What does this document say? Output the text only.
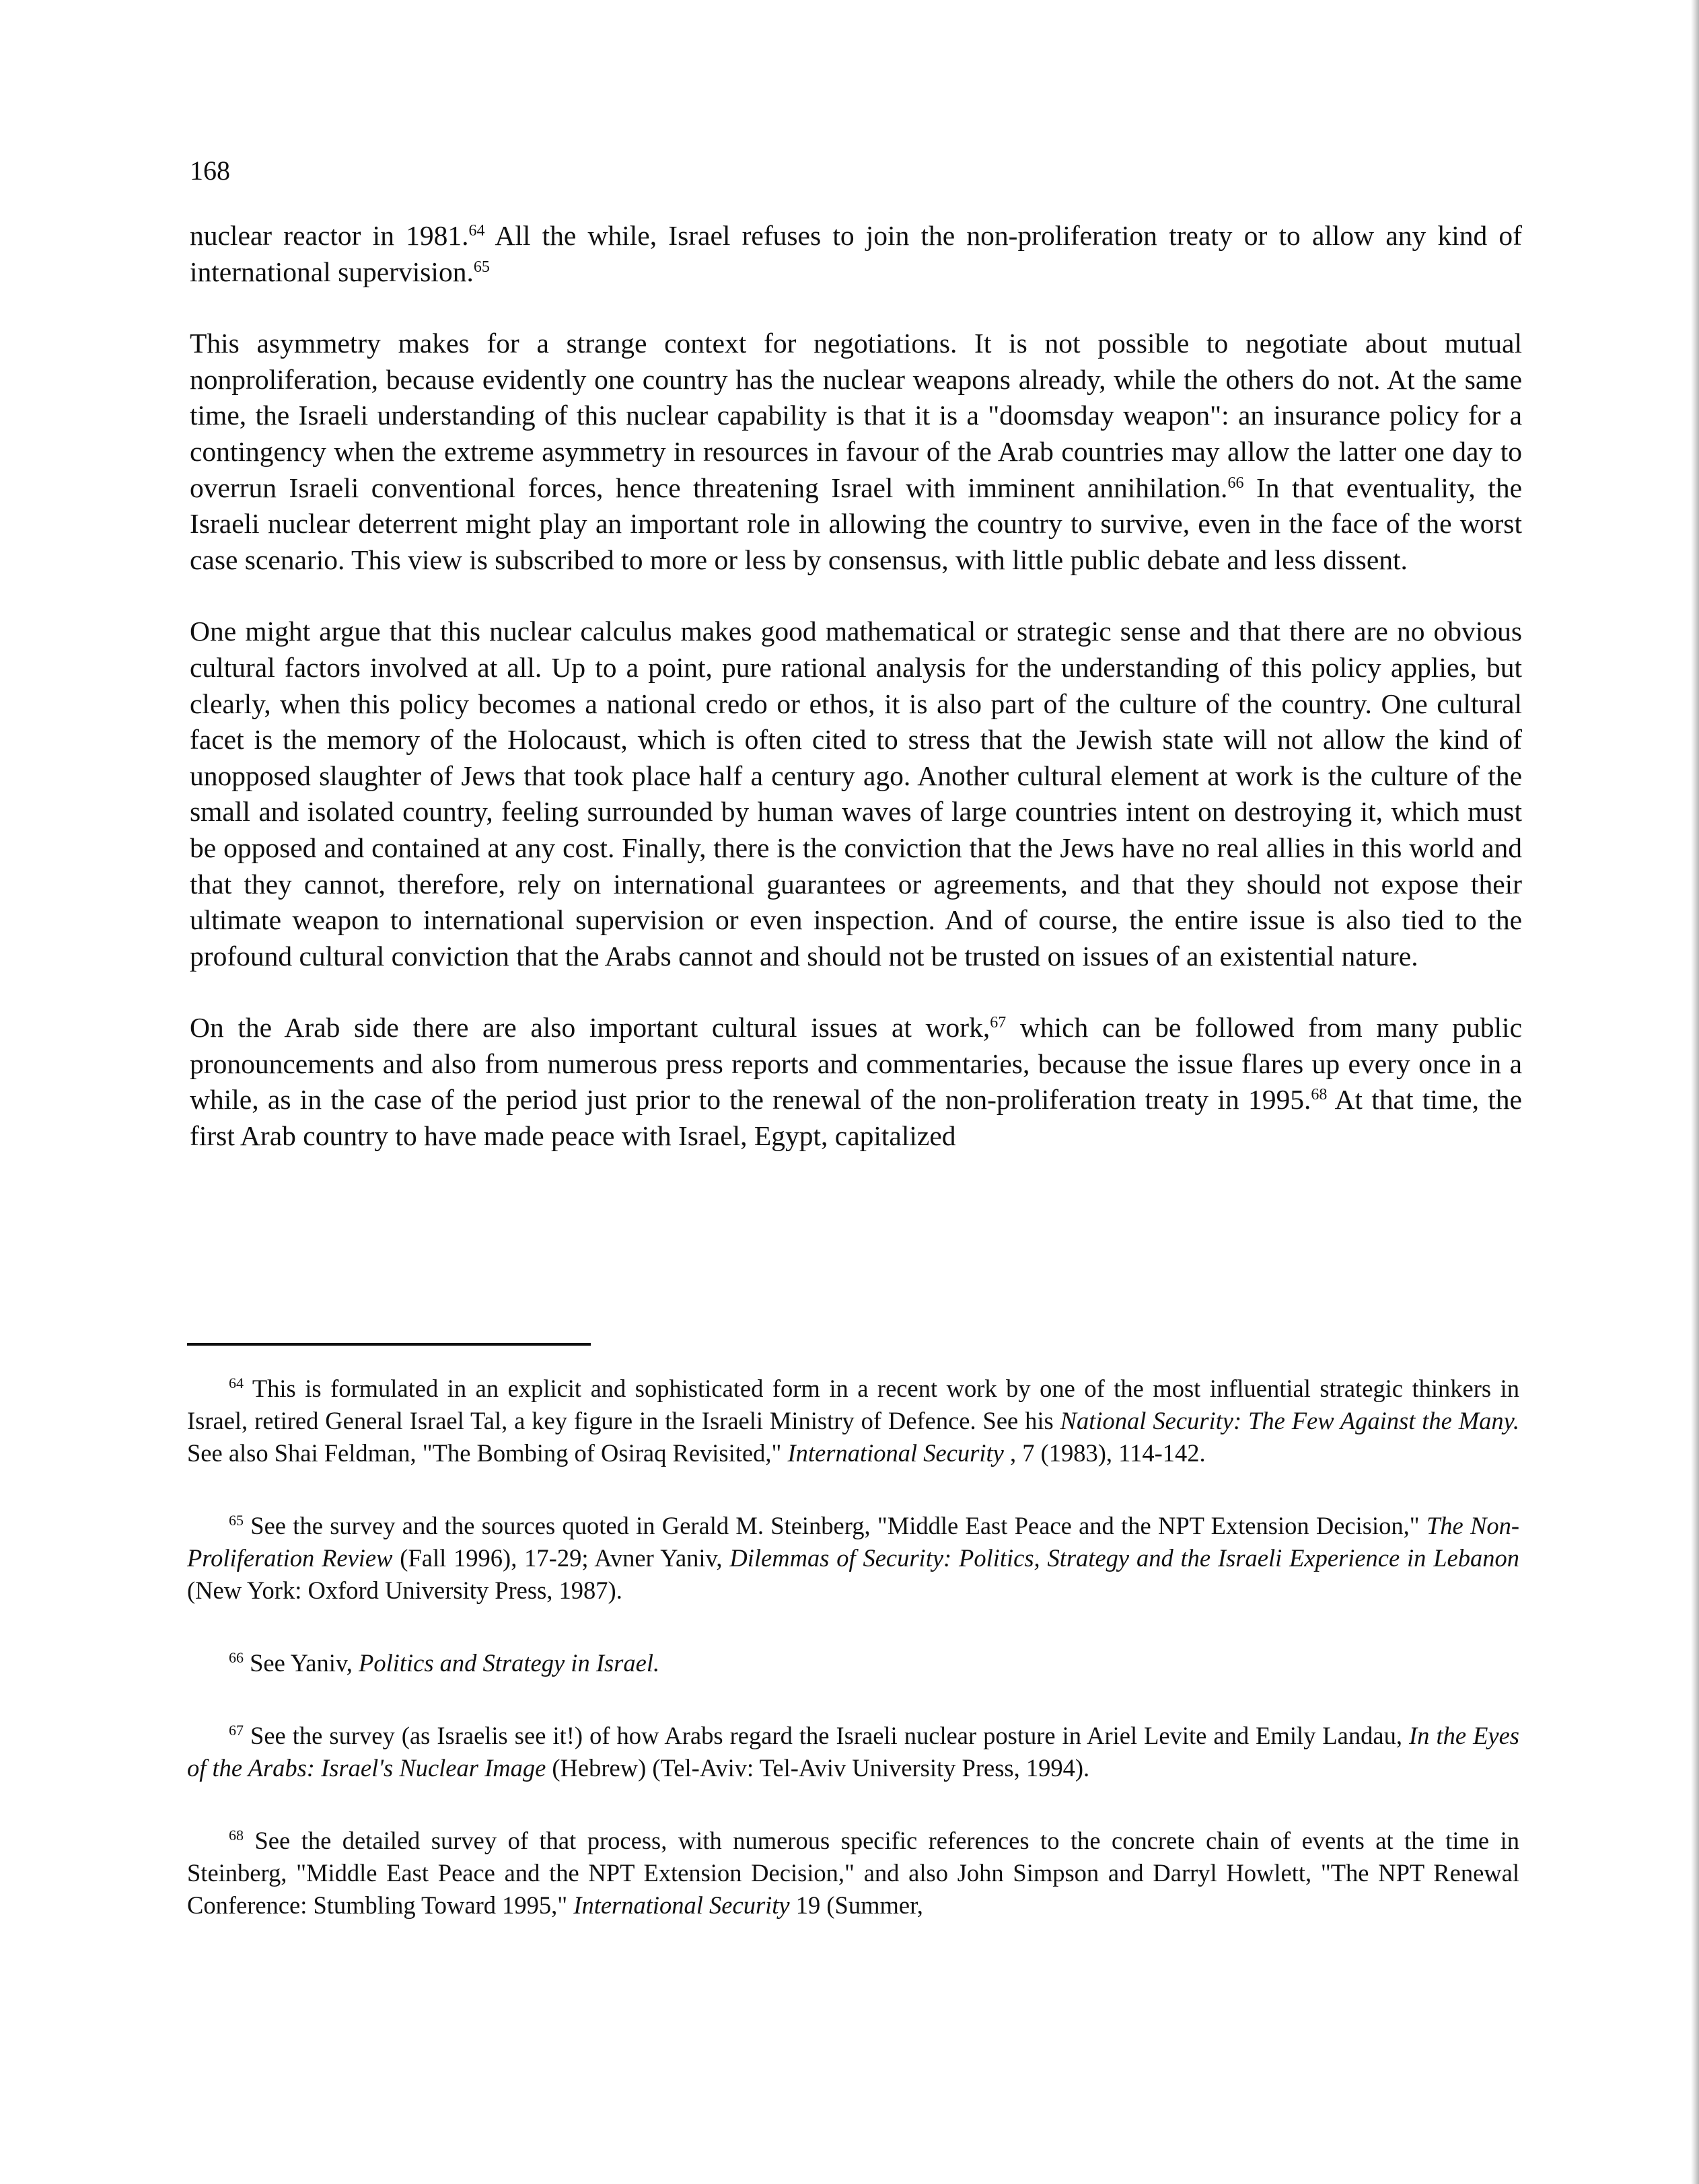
168

nuclear reactor in 1981.64 All the while, Israel refuses to join the non-proliferation treaty or to allow any kind of international supervision.$^{65}$

This asymmetry makes for a strange context for negotiations. It is not possible to negotiate about mutual nonproliferation, because evidently one country has the nuclear weapons already, while the others do not. At the same time, the Israeli understanding of this nuclear capability is that it is a "doomsday weapon": an insurance policy for a contingency when the extreme asymmetry in resources in favour of the Arab countries may allow the latter one day to overrun Israeli conventional forces, hence threatening Israel with imminent annihilation.$^{66}$ In that eventuality, the Israeli nuclear deterrent might play an important role in allowing the country to survive, even in the face of the worst case scenario. This view is subscribed to more or less by consensus, with little public debate and less dissent.

One might argue that this nuclear calculus makes good mathematical or strategic sense and that there are no obvious cultural factors involved at all. Up to a point, pure rational analysis for the understanding of this policy applies, but clearly, when this policy becomes a national credo or ethos, it is also part of the culture of the country. One cultural facet is the memory of the Holocaust, which is often cited to stress that the Jewish state will not allow the kind of unopposed slaughter of Jews that took place half a century ago. Another cultural element at work is the culture of the small and isolated country, feeling surrounded by human waves of large countries intent on destroying it, which must be opposed and contained at any cost. Finally, there is the conviction that the Jews have no real allies in this world and that they cannot, therefore, rely on international guarantees or agreements, and that they should not expose their ultimate weapon to international supervision or even inspection. And of course, the entire issue is also tied to the profound cultural conviction that the Arabs cannot and should not be trusted on issues of an existential nature.

On the Arab side there are also important cultural issues at work,$^{67}$ which can be followed from many public pronouncements and also from numerous press reports and commentaries, because the issue flares up every once in a while, as in the case of the period just prior to the renewal of the non-proliferation treaty in 1995.68 At that time, the first Arab country to have made peace with Israel, Egypt, capitalized

$^{64}$ This is formulated in an explicit and sophisticated form in a recent work by one of the most influential strategic thinkers in Israel, retired General Israel Tal, a key figure in the Israeli Ministry of Defence. See his National Security: The Few Against the Many. See also Shai Feldman, "The Bombing of Osiraq Revisited," International Security , 7 (1983), 114-142.

$^{65}$ See the survey and the sources quoted in Gerald M. Steinberg, "Middle East Peace and the NPT Extension Decision," The Non-Proliferation Review (Fall 1996), 17-29; Avner Yaniv, Dilemmas of Security: Politics, Strategy and the Israeli Experience in Lebanon (New York: Oxford University Press, 1987).

$^{66}$ See Yaniv, Politics and Strategy in Israel.

$^{67}$ See the survey (as Israelis see it!) of how Arabs regard the Israeli nuclear posture in Ariel Levite and Emily Landau, In the Eyes of the Arabs: Israel's Nuclear Image (Hebrew) (Tel-Aviv: Tel-Aviv University Press, 1994).

$^{68}$ See the detailed survey of that process, with numerous specific references to the concrete chain of events at the time in Steinberg, "Middle East Peace and the NPT Extension Decision," and also John Simpson and Darryl Howlett, "The NPT Renewal Conference: Stumbling Toward 1995," International Security 19 (Summer,
